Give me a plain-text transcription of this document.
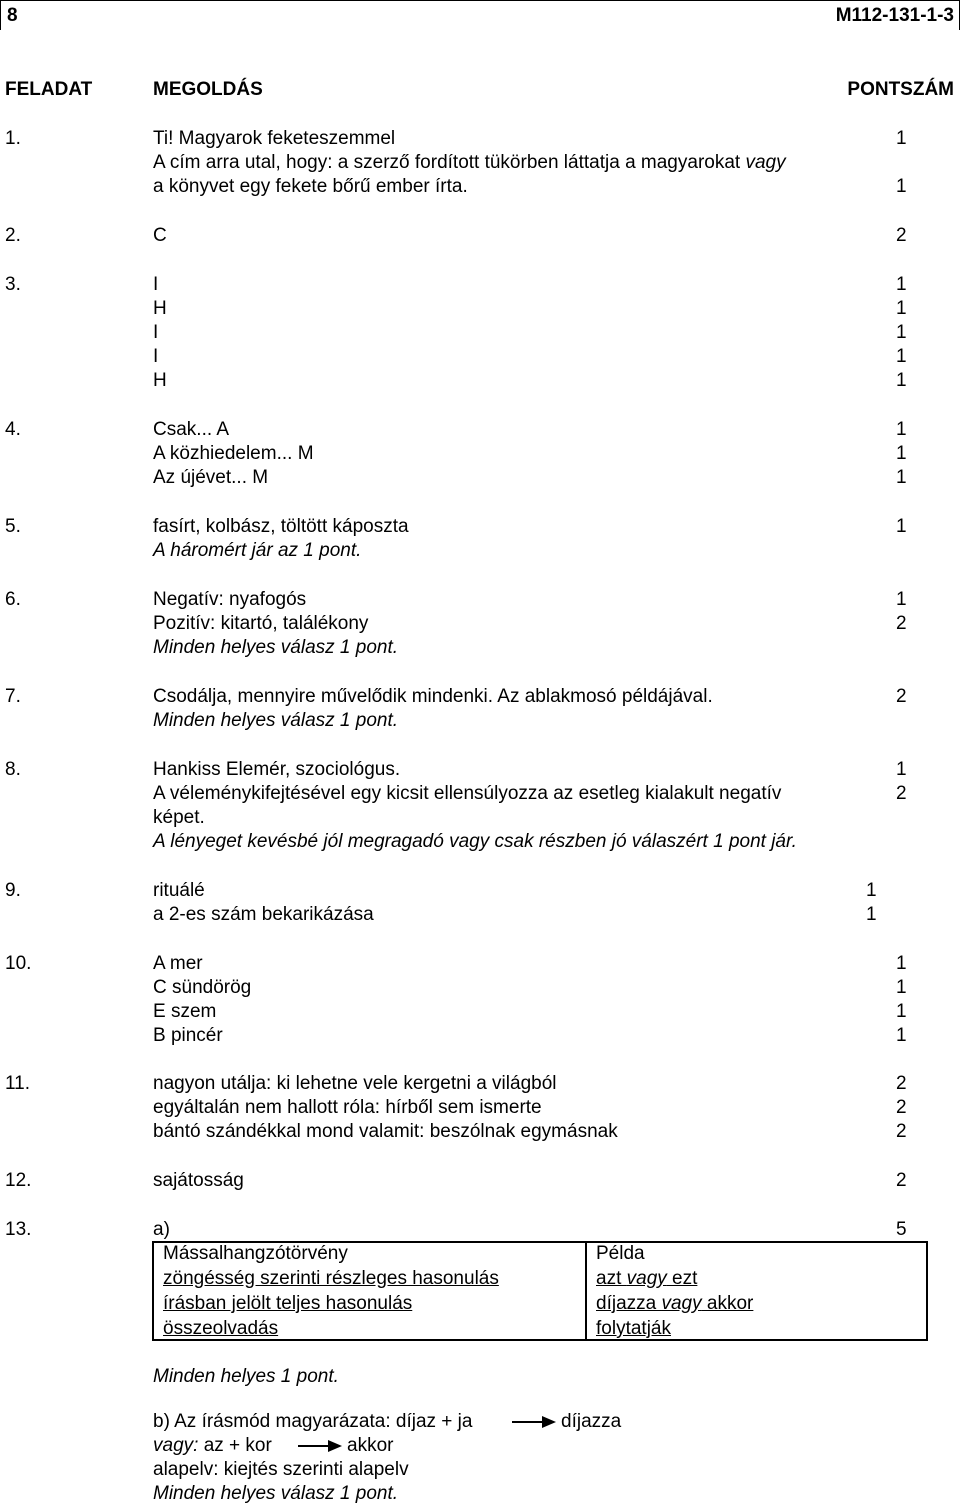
8	M112-131-1-3
FELADAT	MEGOLDÁS	PONTSZÁM
1.	Ti! Magyarok feketeszemmel	1
A cím arra utal, hogy: a szerző fordított tükörben láttatja a magyarokat vagy
a könyvet egy fekete bőrű ember írta.	1
2.	C	2
3.	I	1
H	1
I	1
I	1
H	1
4.	Csak... A	1
A közhiedelem... M	1
Az újévet... M	1
5.	fasírt, kolbász, töltött káposzta	1
A háromért jár az 1 pont.
6.	Negatív: nyafogós	1
Pozitív: kitartó, találékony	2
Minden helyes válasz 1 pont.
7.	Csodálja, mennyire művelődik mindenki. Az ablakmosó példájával.	2
Minden helyes válasz 1 pont.
8.	Hankiss Elemér, szociológus.	1
A véleménykifejtésével egy kicsit ellensúlyozza az esetleg kialakult negatív	2
képet.
A lényeget kevésbé jól megragadó vagy csak részben jó válaszért 1 pont jár.
9.	rituálé	1
a 2-es szám bekarikázása	1
10.	A mer	1
C sündörög	1
E szem	1
B pincér	1
11.	nagyon utálja: ki lehetne vele kergetni a világból	2
egyáltalán nem hallott róla: hírből sem ismerte	2
bántó szándékkal mond valamit: beszólnak egymásnak	2
12.	sajátosság	2
13.	a)	5
Mássalhangzótörvény	Példa
zöngésség szerinti részleges hasonulás	azt vagy ezt
írásban jelölt teljes hasonulás	díjazza vagy akkor
összeolvadás	folytatják
Minden helyes 1 pont.
b) Az írásmód magyarázata: díjaz + ja	díjazza
vagy: az + kor	akkor
alapelv: kiejtés szerinti alapelv
Minden helyes válasz 1 pont.
